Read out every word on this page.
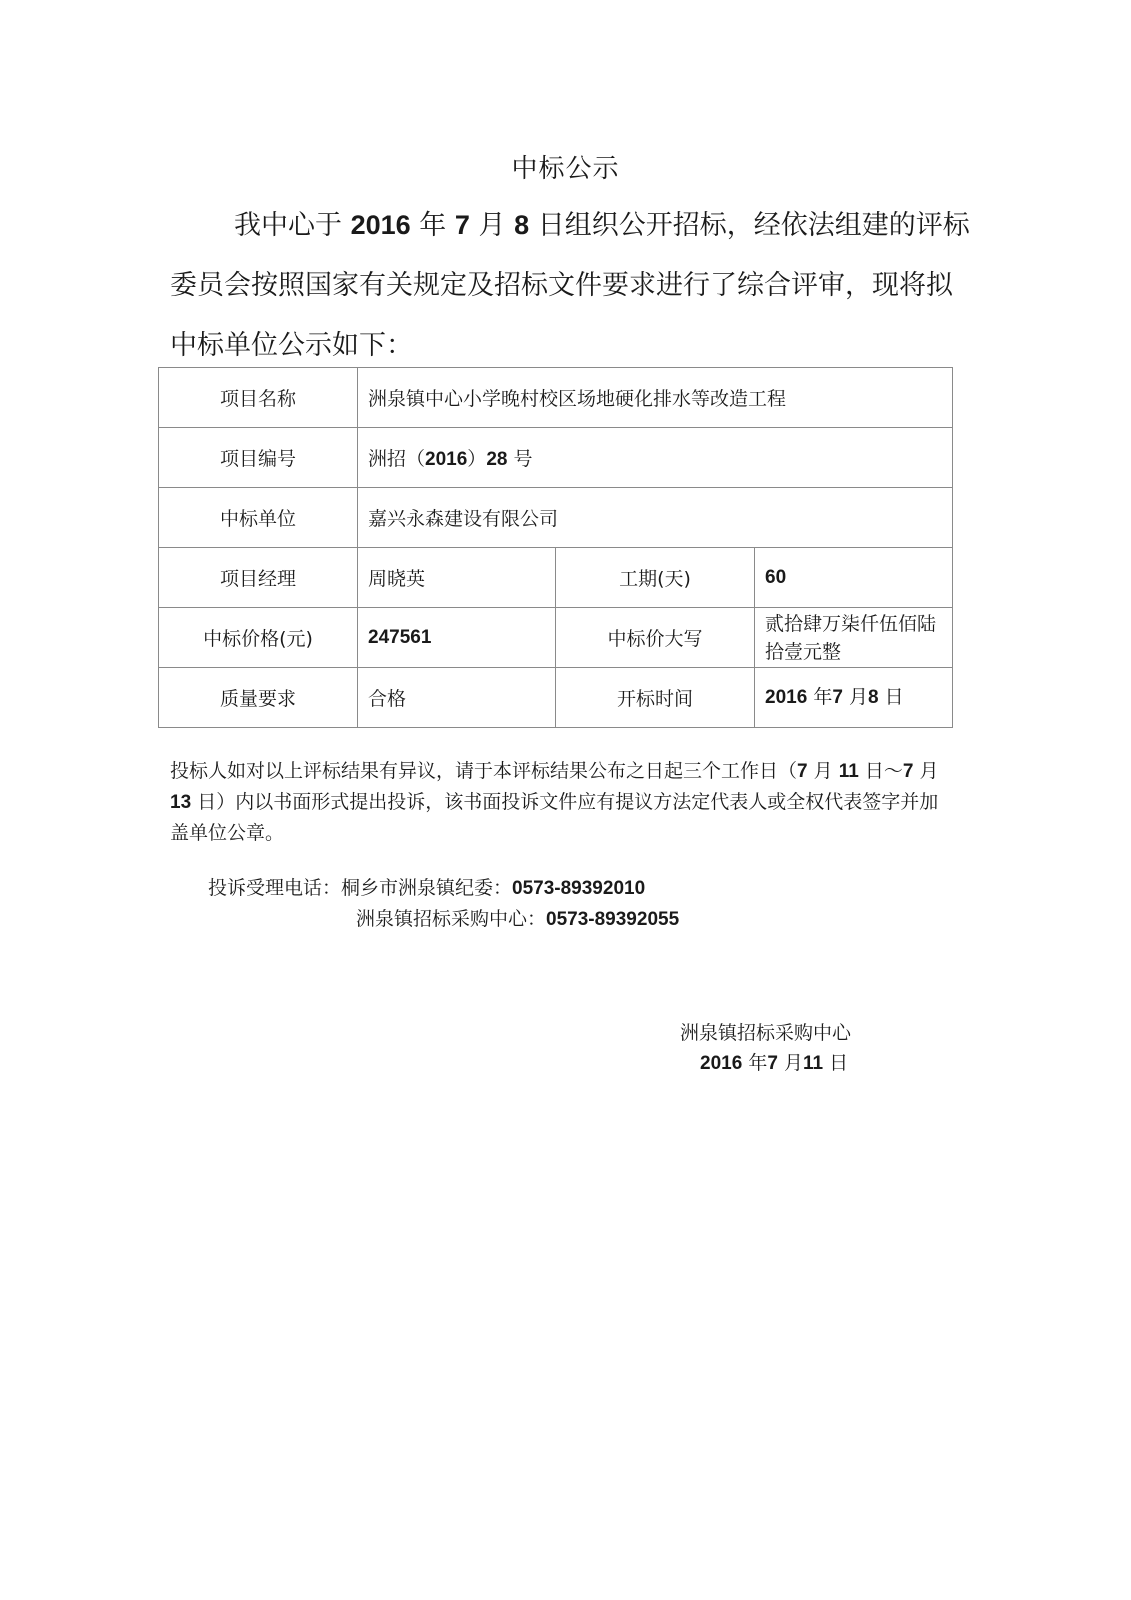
中标公示

我中心于 2016 年 7 月 8 日组织公开招标，经依法组建的评标委员会按照国家有关规定及招标文件要求进行了综合评审，现将拟中标单位公示如下：

项目名称	洲泉镇中心小学晚村校区场地硬化排水等改造工程		
项目编号	洲招（2016）28 号		
中标单位	嘉兴永森建设有限公司		
项目经理	周晓英	工期(天)	60
中标价格(元)	247561	中标价大写	贰拾肆万柒仟伍佰陆拾壹元整
质量要求	合格	开标时间	2016 年7 月8 日

投标人如对以上评标结果有异议，请于本评标结果公布之日起三个工作日（7 月 11 日～7 月 13 日）内以书面形式提出投诉，该书面投诉文件应有提议方法定代表人或全权代表签字并加盖单位公章。

投诉受理电话：桐乡市洲泉镇纪委：0573-89392010
洲泉镇招标采购中心：0573-89392055
洲泉镇招标采购中心
2016 年7 月11 日
